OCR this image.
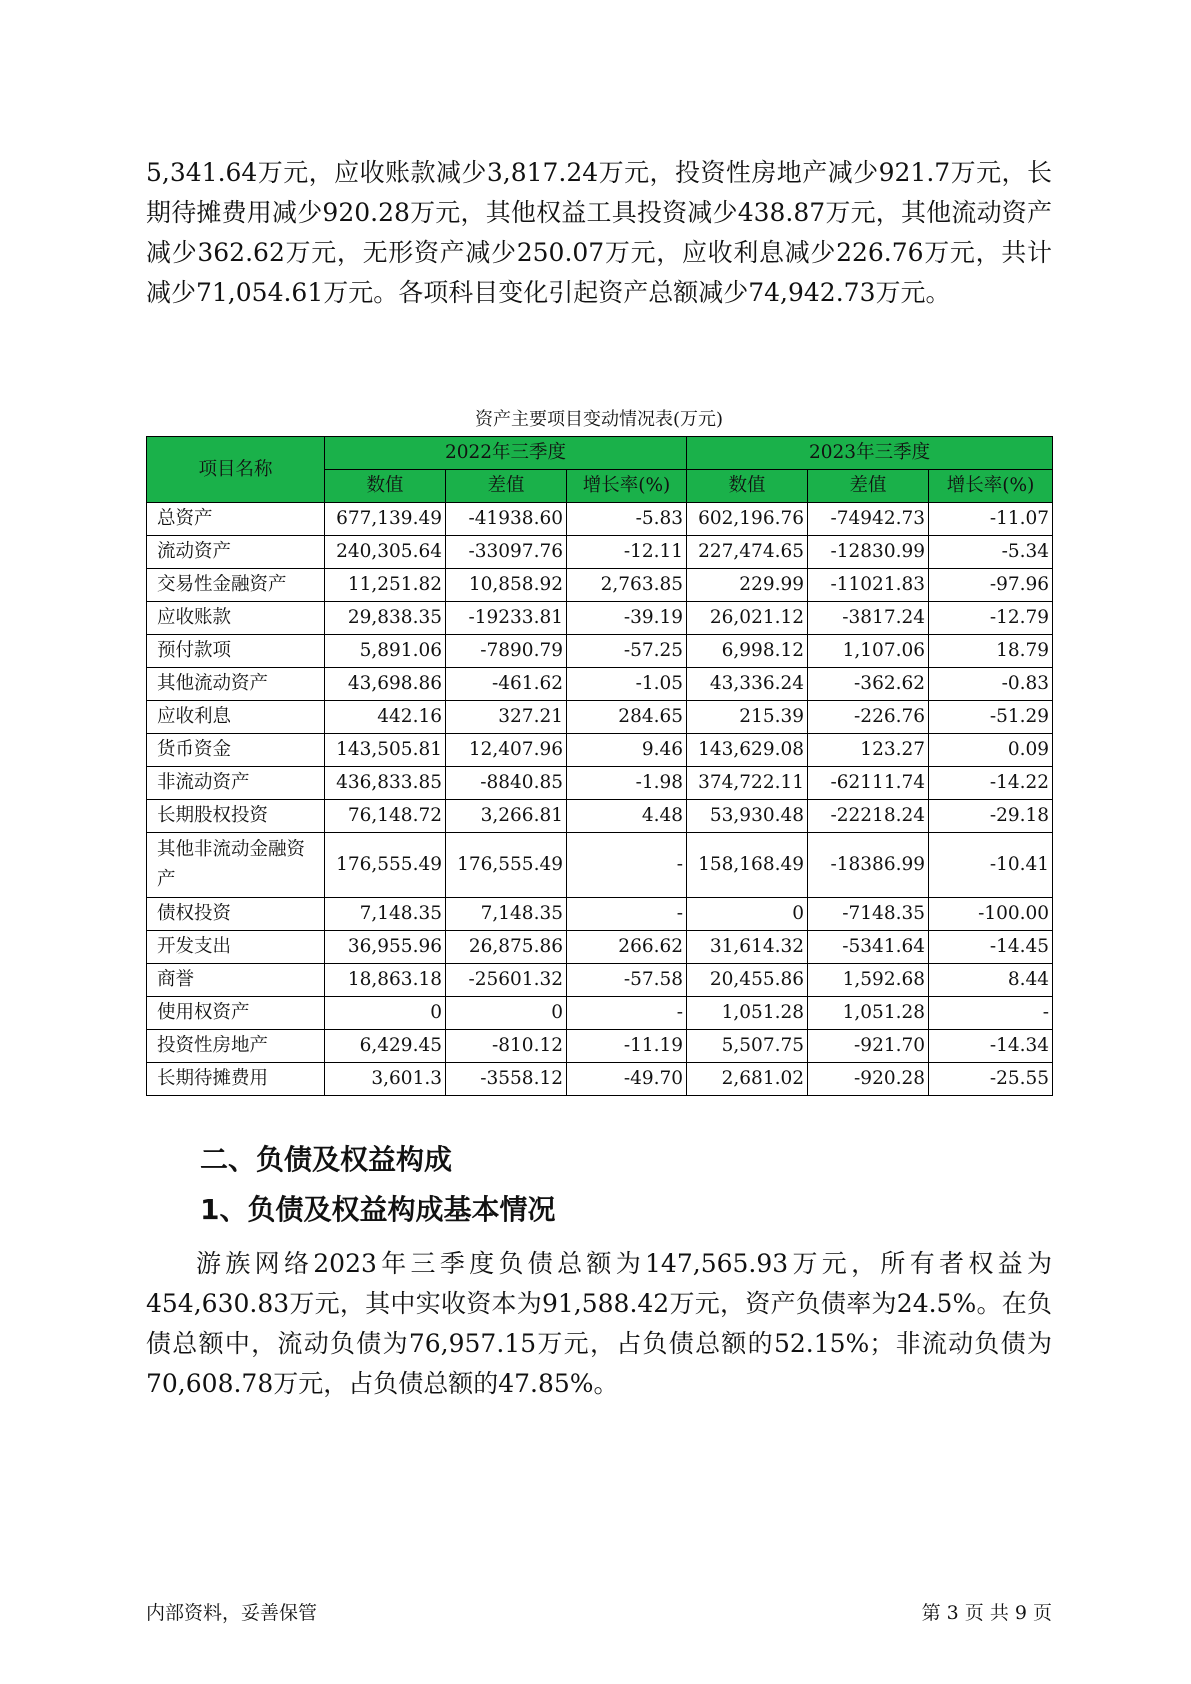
5,341.64万元，应收账款减少3,817.24万元，投资性房地产减少921.7万元，长期待摊费用减少920.28万元，其他权益工具投资减少438.87万元，其他流动资产减少362.62万元，无形资产减少250.07万元，应收利息减少226.76万元，共计减少71,054.61万元。各项科目变化引起资产总额减少74,942.73万元。

资产主要项目变动情况表(万元)
项目名称	2022年三季度			2023年三季度		
	数值	差值	增长率(%)	数值	差值	增长率(%)
总资产	677,139.49	-41938.60	-5.83	602,196.76	-74942.73	-11.07
流动资产	240,305.64	-33097.76	-12.11	227,474.65	-12830.99	-5.34
交易性金融资产	11,251.82	10,858.92	2,763.85	229.99	-11021.83	-97.96
应收账款	29,838.35	-19233.81	-39.19	26,021.12	-3817.24	-12.79
预付款项	5,891.06	-7890.79	-57.25	6,998.12	1,107.06	18.79
其他流动资产	43,698.86	-461.62	-1.05	43,336.24	-362.62	-0.83
应收利息	442.16	327.21	284.65	215.39	-226.76	-51.29
货币资金	143,505.81	12,407.96	9.46	143,629.08	123.27	0.09
非流动资产	436,833.85	-8840.85	-1.98	374,722.11	-62111.74	-14.22
长期股权投资	76,148.72	3,266.81	4.48	53,930.48	-22218.24	-29.18
其他非流动金融资产	176,555.49	176,555.49	-	158,168.49	-18386.99	-10.41
债权投资	7,148.35	7,148.35	-	0	-7148.35	-100.00
开发支出	36,955.96	26,875.86	266.62	31,614.32	-5341.64	-14.45
商誉	18,863.18	-25601.32	-57.58	20,455.86	1,592.68	8.44
使用权资产	0	0	-	1,051.28	1,051.28	-
投资性房地产	6,429.45	-810.12	-11.19	5,507.75	-921.70	-14.34
长期待摊费用	3,601.3	-3558.12	-49.70	2,681.02	-920.28	-25.55
二、负债及权益构成
1、负债及权益构成基本情况

游族网络2023年三季度负债总额为147,565.93万元，所有者权益为454,630.83万元，其中实收资本为91,588.42万元，资产负债率为24.5%。在负债总额中，流动负债为76,957.15万元，占负债总额的52.15%；非流动负债为70,608.78万元，占负债总额的47.85%。

内部资料，妥善保管	第 3 页 共 9 页
